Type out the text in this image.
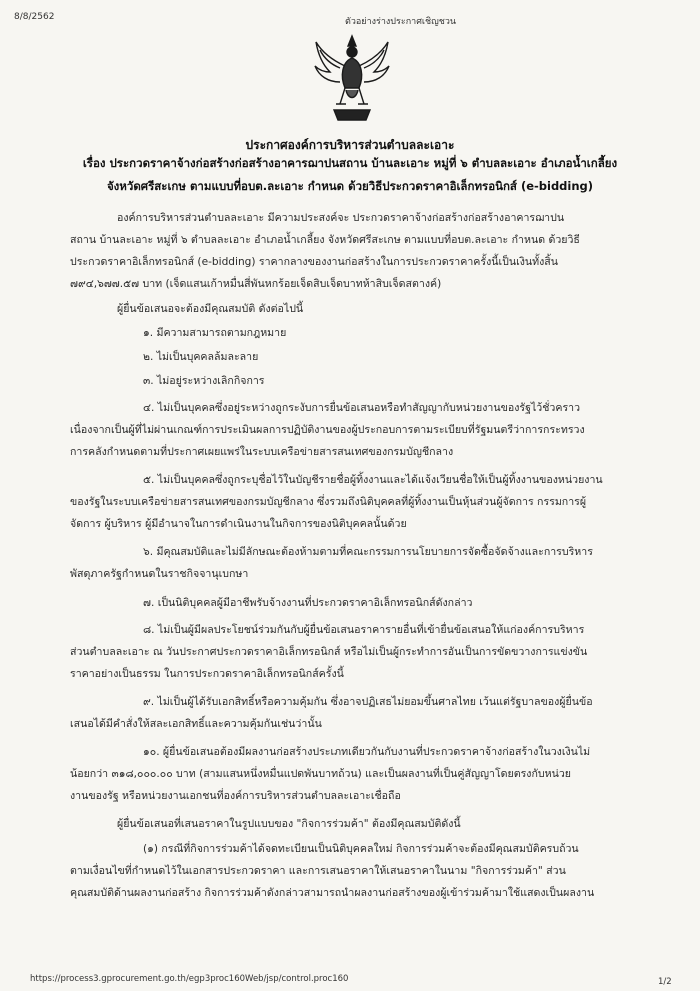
8/8/2562	ตัวอย่างร่างประกาศเชิญชวน
ประกาศองค์การบริหารส่วนตำบลละเอาะ
เรื่อง ประกวดราคาจ้างก่อสร้างก่อสร้างอาคารฌาปนสถาน บ้านละเอาะ หมู่ที่ ๖ ตำบลละเอาะ อำเภอน้ำเกลี้ยง
จังหวัดศรีสะเกษ ตามแบบที่อบต.ละเอาะ กำหนด ด้วยวิธีประกวดราคาอิเล็กทรอนิกส์ (e-bidding)
องค์การบริหารส่วนตำบลละเอาะ มีความประสงค์จะ ประกวดราคาจ้างก่อสร้างก่อสร้างอาคารฌาปน
สถาน บ้านละเอาะ หมู่ที่ ๖ ตำบลละเอาะ อำเภอน้ำเกลี้ยง จังหวัดศรีสะเกษ ตามแบบที่อบต.ละเอาะ กำหนด ด้วยวิธี
ประกวดราคาอิเล็กทรอนิกส์ (e-bidding) ราคากลางของงานก่อสร้างในการประกวดราคาครั้งนี้เป็นเงินทั้งสิ้น
๗๙๔,๖๗๗.๕๗ บาท (เจ็ดแสนเก้าหมื่นสี่พันหกร้อยเจ็ดสิบเจ็ดบาทห้าสิบเจ็ดสตางค์)
ผู้ยื่นข้อเสนอจะต้องมีคุณสมบัติ ดังต่อไปนี้
๑. มีความสามารถตามกฎหมาย
๒. ไม่เป็นบุคคลล้มละลาย
๓. ไม่อยู่ระหว่างเลิกกิจการ
๔. ไม่เป็นบุคคลซึ่งอยู่ระหว่างถูกระงับการยื่นข้อเสนอหรือทำสัญญากับหน่วยงานของรัฐไว้ชั่วคราว
เนื่องจากเป็นผู้ที่ไม่ผ่านเกณฑ์การประเมินผลการปฏิบัติงานของผู้ประกอบการตามระเบียบที่รัฐมนตรีว่าการกระทรวง
การคลังกำหนดตามที่ประกาศเผยแพร่ในระบบเครือข่ายสารสนเทศของกรมบัญชีกลาง
๕. ไม่เป็นบุคคลซึ่งถูกระบุชื่อไว้ในบัญชีรายชื่อผู้ทิ้งงานและได้แจ้งเวียนชื่อให้เป็นผู้ทิ้งงานของหน่วยงาน
ของรัฐในระบบเครือข่ายสารสนเทศของกรมบัญชีกลาง ซึ่งรวมถึงนิติบุคคลที่ผู้ทิ้งงานเป็นหุ้นส่วนผู้จัดการ กรรมการผู้
จัดการ ผู้บริหาร ผู้มีอำนาจในการดำเนินงานในกิจการของนิติบุคคลนั้นด้วย
๖. มีคุณสมบัติและไม่มีลักษณะต้องห้ามตามที่คณะกรรมการนโยบายการจัดซื้อจัดจ้างและการบริหาร
พัสดุภาครัฐกำหนดในราชกิจจานุเบกษา
๗. เป็นนิติบุคคลผู้มีอาชีพรับจ้างงานที่ประกวดราคาอิเล็กทรอนิกส์ดังกล่าว
๘. ไม่เป็นผู้มีผลประโยชน์ร่วมกันกับผู้ยื่นข้อเสนอราคารายอื่นที่เข้ายื่นข้อเสนอให้แก่องค์การบริหาร
ส่วนตำบลละเอาะ ณ วันประกาศประกวดราคาอิเล็กทรอนิกส์ หรือไม่เป็นผู้กระทำการอันเป็นการขัดขวางการแข่งขัน
ราคาอย่างเป็นธรรม ในการประกวดราคาอิเล็กทรอนิกส์ครั้งนี้
๙. ไม่เป็นผู้ได้รับเอกสิทธิ์หรือความคุ้มกัน ซึ่งอาจปฏิเสธไม่ยอมขึ้นศาลไทย เว้นแต่รัฐบาลของผู้ยื่นข้อ
เสนอได้มีคำสั่งให้สละเอกสิทธิ์และความคุ้มกันเช่นว่านั้น
๑๐. ผู้ยื่นข้อเสนอต้องมีผลงานก่อสร้างประเภทเดียวกันกับงานที่ประกวดราคาจ้างก่อสร้างในวงเงินไม่
น้อยกว่า ๓๑๘,๐๐๐.๐๐ บาท (สามแสนหนึ่งหมื่นแปดพันบาทถ้วน) และเป็นผลงานที่เป็นคู่สัญญาโดยตรงกับหน่วย
งานของรัฐ หรือหน่วยงานเอกชนที่องค์การบริหารส่วนตำบลละเอาะเชื่อถือ
ผู้ยื่นข้อเสนอที่เสนอราคาในรูปแบบของ "กิจการร่วมค้า" ต้องมีคุณสมบัติดังนี้
(๑) กรณีที่กิจการร่วมค้าได้จดทะเบียนเป็นนิติบุคคลใหม่ กิจการร่วมค้าจะต้องมีคุณสมบัติครบถ้วน
ตามเงื่อนไขที่กำหนดไว้ในเอกสารประกวดราคา และการเสนอราคาให้เสนอราคาในนาม "กิจการร่วมค้า" ส่วน
คุณสมบัติด้านผลงานก่อสร้าง กิจการร่วมค้าดังกล่าวสามารถนำผลงานก่อสร้างของผู้เข้าร่วมค้ามาใช้แสดงเป็นผลงาน
https://process3.gprocurement.go.th/egp3proc160Web/jsp/control.proc160	1/2
